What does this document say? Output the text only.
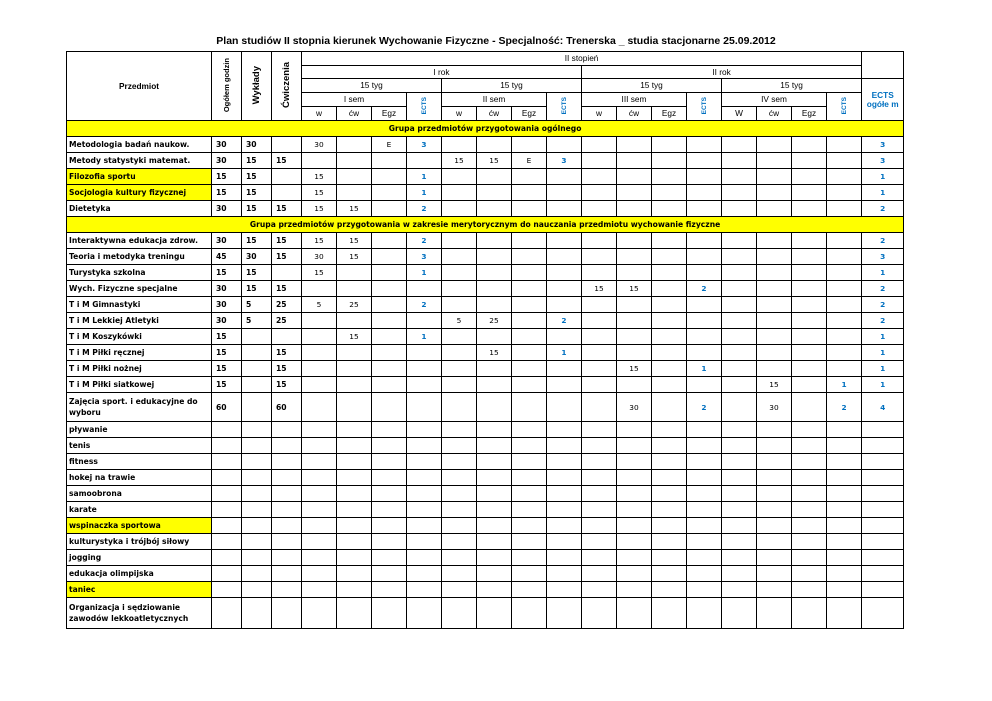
Plan studiów II stopnia kierunek Wychowanie Fizyczne - Specjalność: Trenerska _ studia stacjonarne 25.09.2012
Przedmiot	Ogółem godzin	Wykłady	Ćwiczenia	II stopień																
				I rok								II rok								
				15 tyg				15 tyg				15 tyg				15 tyg				ECTS ogółe m
				I sem			ECTS	II sem			ECTS	III sem			ECTS	IV sem			ECTS	
				w	ćw	Egz		w	ćw	Egz		w	ćw	Egz		W	ćw	Egz		
Grupa przedmiotów przygotowania ogólnego																				
Metodologia badań naukow.	30	30		30		E	3													3
Metody statystyki matemat.	30	15	15					15	15	E	3									3
Filozofia sportu	15	15		15			1													1
Socjologia kultury fizycznej	15	15		15			1													1
Dietetyka	30	15	15	15	15		2													2
Grupa przedmiotów przygotowania w zakresie merytorycznym do nauczania przedmiotu wychowanie fizyczne																				
Interaktywna edukacja zdrow.	30	15	15	15	15		2													2
Teoria i metodyka treningu	45	30	15	30	15		3													3
Turystyka szkolna	15	15		15			1													1
Wych. Fizyczne specjalne	30	15	15									15	15		2					2
T i M Gimnastyki	30	5	25	5	25		2													2
T i M Lekkiej Atletyki	30	5	25					5	25		2									2
T i M Koszykówki	15				15		1													1
T i M Piłki ręcznej	15		15						15		1									1
T i M Piłki nożnej	15		15										15		1					1
T i M Piłki siatkowej	15		15														15		1	1
Zajęcia sport. i edukacyjne do wyboru	60		60										30		2		30		2	4
pływanie																				
tenis																				
fitness																				
hokej na trawie																				
samoobrona																				
karate																				
wspinaczka sportowa																				
kulturystyka i trójbój siłowy																				
jogging																				
edukacja olimpijska																				
taniec																				
Organizacja i sędziowanie zawodów lekkoatletycznych																				
